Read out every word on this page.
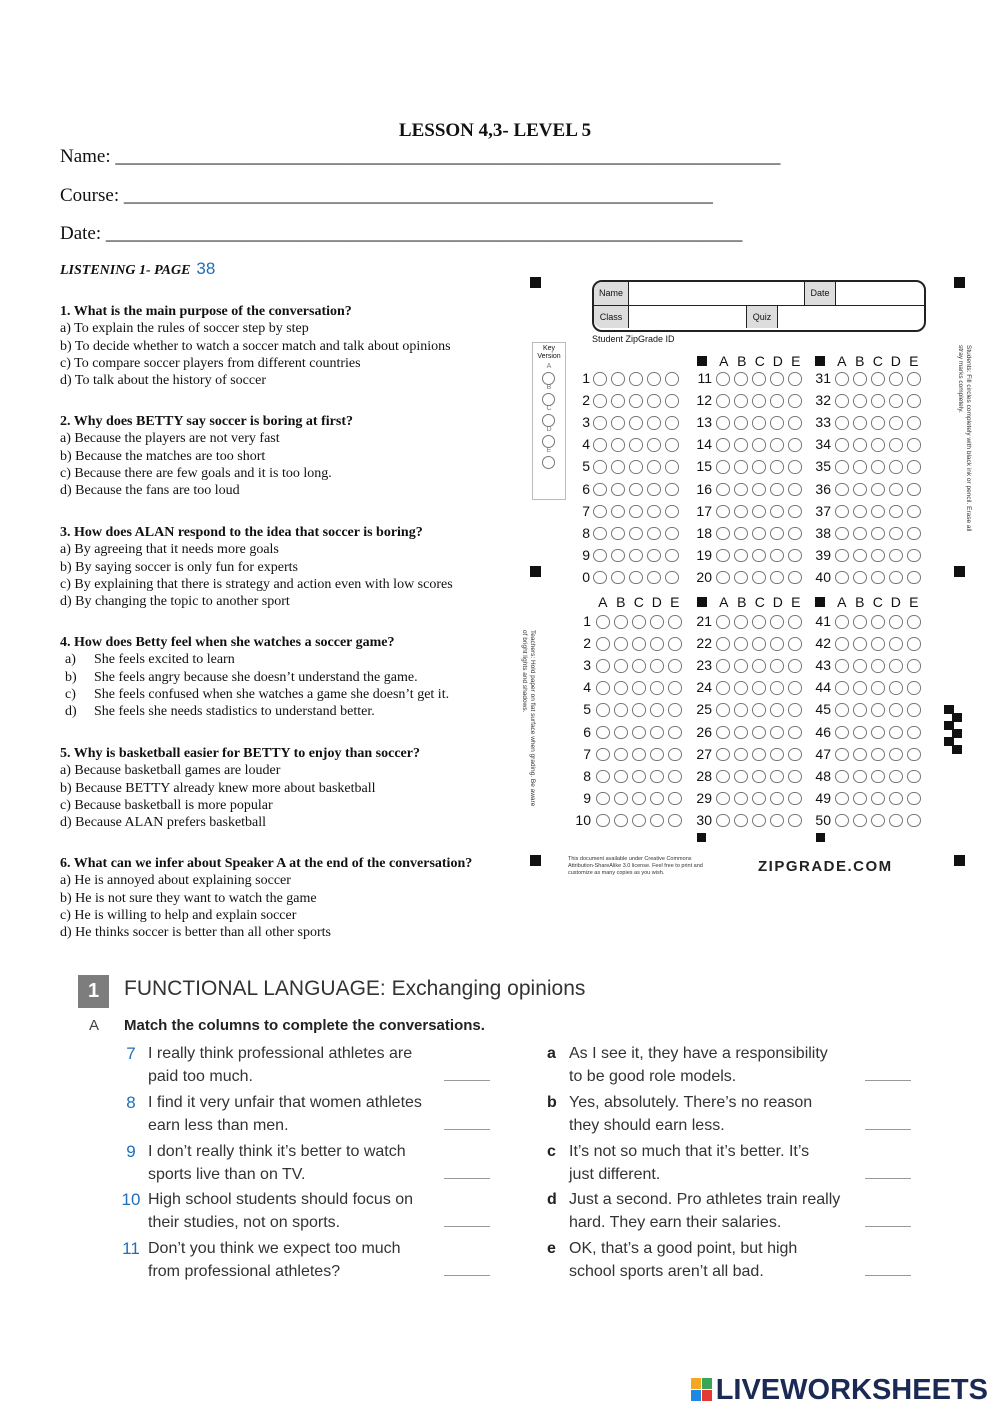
LESSON 4,3- LEVEL 5
Name: ______________________________________________________________________
Course: ______________________________________________________________
Date: ___________________________________________________________________
LISTENING 1- PAGE 38
1. What is the main purpose of the conversation?
a) To explain the rules of soccer step by step
b) To decide whether to watch a soccer match and talk about opinions
c) To compare soccer players from different countries
d) To talk about the history of soccer
2. Why does BETTY say soccer is boring at first?
a) Because the players are not very fast
b) Because the matches are too short
c) Because there are few goals and it is too long.
d) Because the fans are too loud
3. How does ALAN respond to the idea that soccer is boring?
a) By agreeing that it needs more goals
b) By saying soccer is only fun for experts
c) By explaining that there is strategy and action even with low scores
d) By changing the topic to another sport
4. How does Betty feel when she watches a soccer game?
a) She feels excited to learn
b) She feels angry because she doesn’t understand the game.
c) She feels confused when she watches a game she doesn’t get it.
d) She feels she needs stadistics to understand better.
5. Why is basketball easier for BETTY to enjoy than soccer?
a) Because basketball games are louder
b) Because BETTY already knew more about basketball
c) Because basketball is more popular
d) Because ALAN prefers basketball
6. What can we infer about Speaker A at the end of the conversation?
a) He is annoyed about explaining soccer
b) He is not sure they want to watch the game
c) He is willing to help and explain soccer
d) He thinks soccer is better than all other sports
Name
Class
Date
Quiz
Student ZipGrade ID
Key Version
A
B
C
D
E
A B C D E	A B C D E
1	11	31
2	12	32
3	13	33
4	14	34
5	15	35
6	16	36
7	17	37
8	18	38
9	19	39
0	20	40
A B C D E	A B C D E	A B C D E
1	21	41
2	22	42
3	23	43
4	24	44
5	25	45
6	26	46
7	27	47
8	28	48
9	29	49
10	30	50
Students: Fill circles completely with black ink or pencil. Erase all stray marks completely.
Teachers: Hold paper on flat surface when grading. Be aware of bright lights and shadows.
This document available under Creative Commons Attribution-ShareAlike 3.0 license. Feel free to print and customize as many copies as you wish.	ZIPGRADE.COM
1	FUNCTIONAL LANGUAGE: Exchanging opinions
A Match the columns to complete the conversations.
7 I really think professional athletes are
paid too much.
8 I find it very unfair that women athletes
earn less than men.
9 I don’t really think it’s better to watch
sports live than on TV.
10 High school students should focus on
their studies, not on sports.
11 Don’t you think we expect too much
from professional athletes?
a As I see it, they have a responsibility
to be good role models.
b Yes, absolutely. There’s no reason
they should earn less.
c It’s not so much that it’s better. It’s
just different.
d Just a second. Pro athletes train really
hard. They earn their salaries.
e OK, that’s a good point, but high
school sports aren’t all bad.
LIVEWORKSHEETS
